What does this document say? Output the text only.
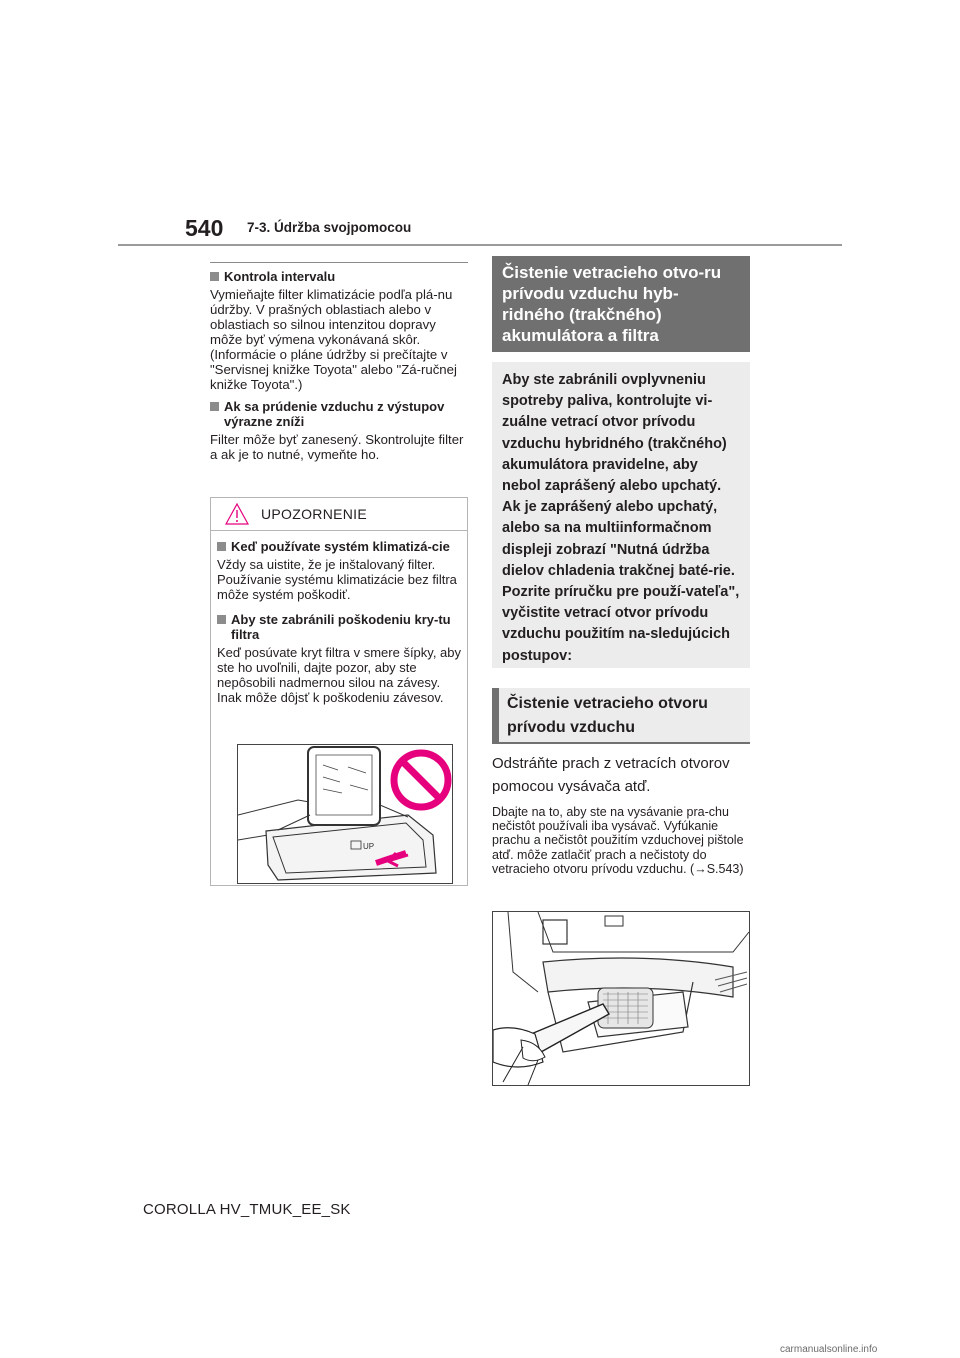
540 7-3. Údržba svojpomocou
Kontrola intervalu
Vymieňajte filter klimatizácie podľa plá-nu údržby. V prašných oblastiach alebo v oblastiach so silnou intenzitou dopravy môže byť výmena vykonávaná skôr. (Informácie o pláne údržby si prečítajte v "Servisnej knižke Toyota" alebo "Zá-ručnej knižke Toyota".)
Ak sa prúdenie vzduchu z výstupov výrazne zníži
Filter môže byť zanesený. Skontrolujte filter a ak je to nutné, vymeňte ho.
UPOZORNENIE
Keď používate systém klimatizá-cie
Vždy sa uistite, že je inštalovaný filter. Používanie systému klimatizácie bez filtra môže systém poškodiť.
Aby ste zabránili poškodeniu kry-tu filtra
Keď posúvate kryt filtra v smere šípky, aby ste ho uvoľnili, dajte pozor, aby ste nepôsobili nadmernou silou na závesy. Inak môže dôjsť k poškodeniu závesov.
UP
Čistenie vetracieho otvo-ru prívodu vzduchu hyb-ridného (trakčného) akumulátora a filtra
Aby ste zabránili ovplyvneniu spotreby paliva, kontrolujte vi-zuálne vetrací otvor prívodu vzduchu hybridného (trakčného) akumulátora pravidelne, aby nebol zaprášený alebo upchatý. Ak je zaprášený alebo upchatý, alebo sa na multiinformačnom displeji zobrazí "Nutná údržba dielov chladenia trakčnej baté-rie. Pozrite príručku pre použí-vateľa", vyčistite vetrací otvor prívodu vzduchu použitím na-sledujúcich postupov:
Čistenie vetracieho otvoru prívodu vzduchu
Odstráňte prach z vetracích otvorov pomocou vysávača atď.
Dbajte na to, aby ste na vysávanie pra-chu nečistôt používali iba vysávač. Vyfúkanie prachu a nečistôt použitím vzduchovej pištole atď. môže zatlačiť prach a nečistoty do vetracieho otvoru prívodu vzduchu. (→S.543)
COROLLA HV_TMUK_EE_SK
carmanualsonline.info
